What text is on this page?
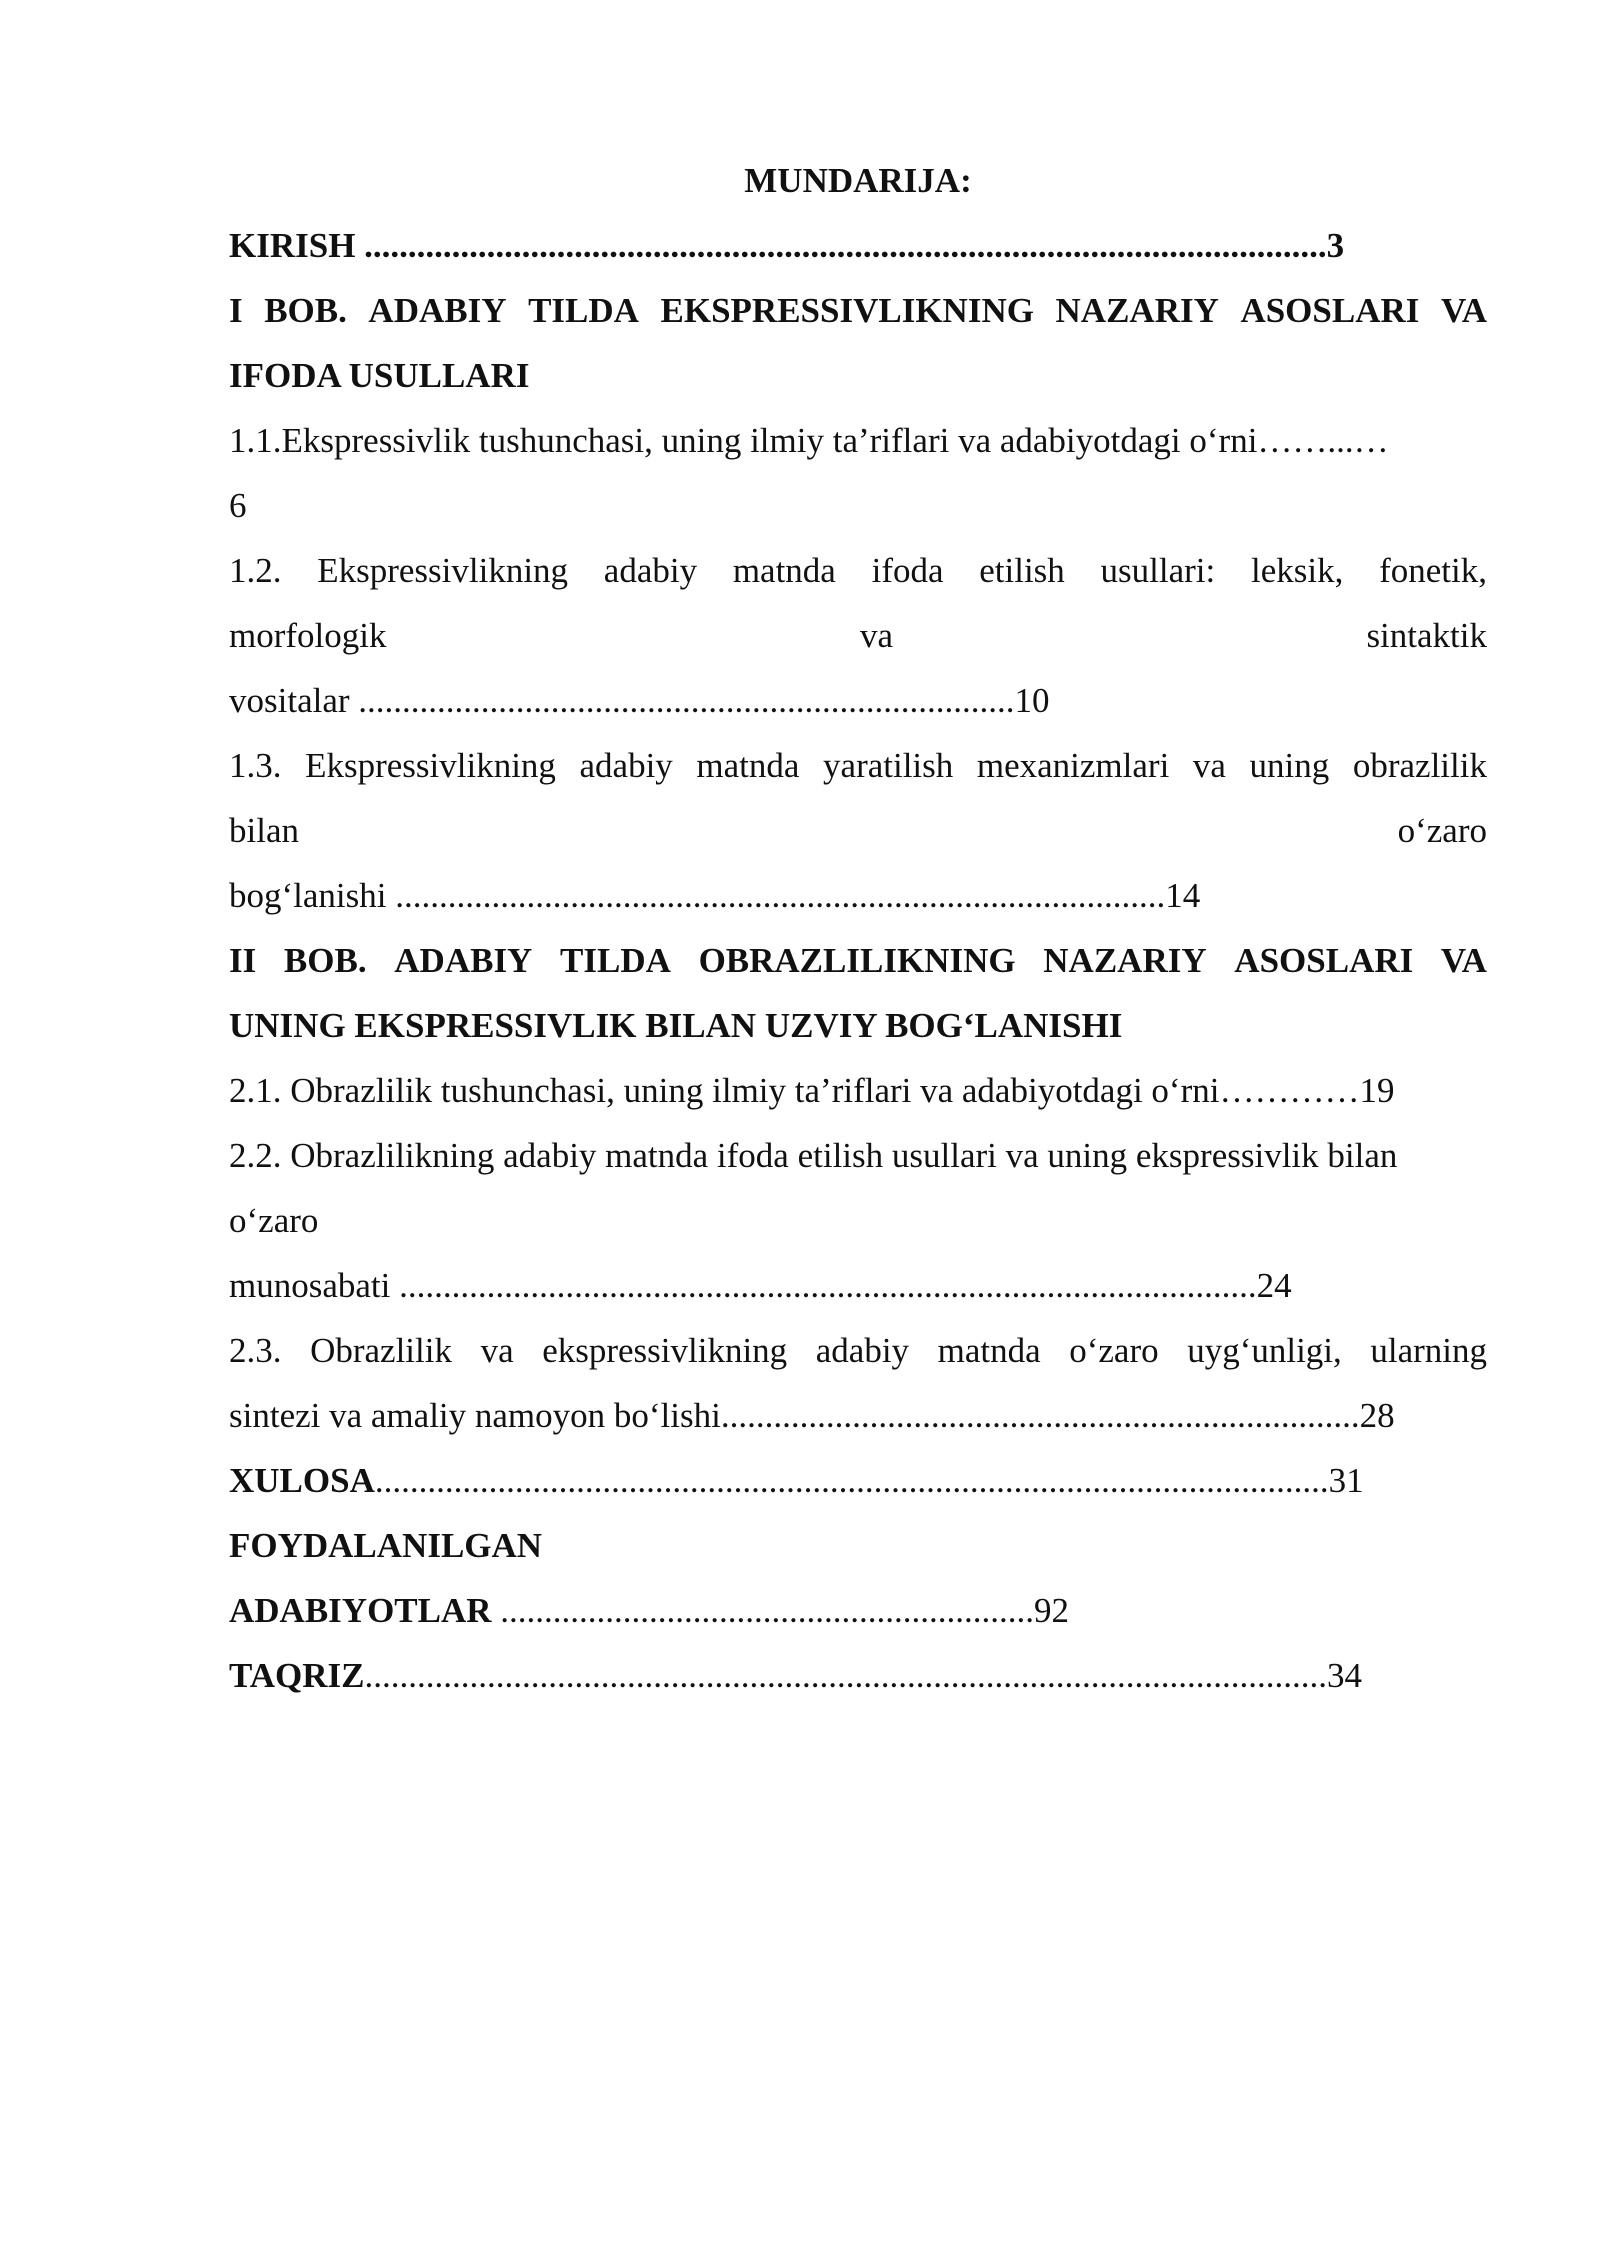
MUNDARIJA:
KIRISH ..............................................................................................................3
I BOB. ADABIY TILDA EKSPRESSIVLIKNING NAZARIY ASOSLARI VA
IFODA USULLARI
1.1.Ekspressivlik tushunchasi, uning ilmiy ta’riflari va adabiyotdagi o‘rni……...…
6
1.2. Ekspressivlikning adabiy matnda ifoda etilish usullari: leksik, fonetik,
morfologik	va	sintaktik
vositalar ...........................................................................10
1.3. Ekspressivlikning adabiy matnda yaratilish mexanizmlari va uning obrazlilik
bilan	o‘zaro
bog‘lanishi ........................................................................................14
II BOB. ADABIY TILDA OBRAZLILIKNING NAZARIY ASOSLARI VA
UNING EKSPRESSIVLIK BILAN UZVIY BOG‘LANISHI
2.1. Obrazlilik tushunchasi, uning ilmiy ta’riflari va adabiyotdagi o‘rni…………19
2.2. Obrazlilikning adabiy matnda ifoda etilish usullari va uning ekspressivlik bilan
o‘zaro
munosabati ..................................................................................................24
2.3. Obrazlilik va ekspressivlikning adabiy matnda o‘zaro uyg‘unligi, ularning
sintezi va amaliy namoyon bo‘lishi.........................................................................28
XULOSA.............................................................................................................31
FOYDALANILGAN
ADABIYOTLAR .............................................................92
TAQRIZ..............................................................................................................34
